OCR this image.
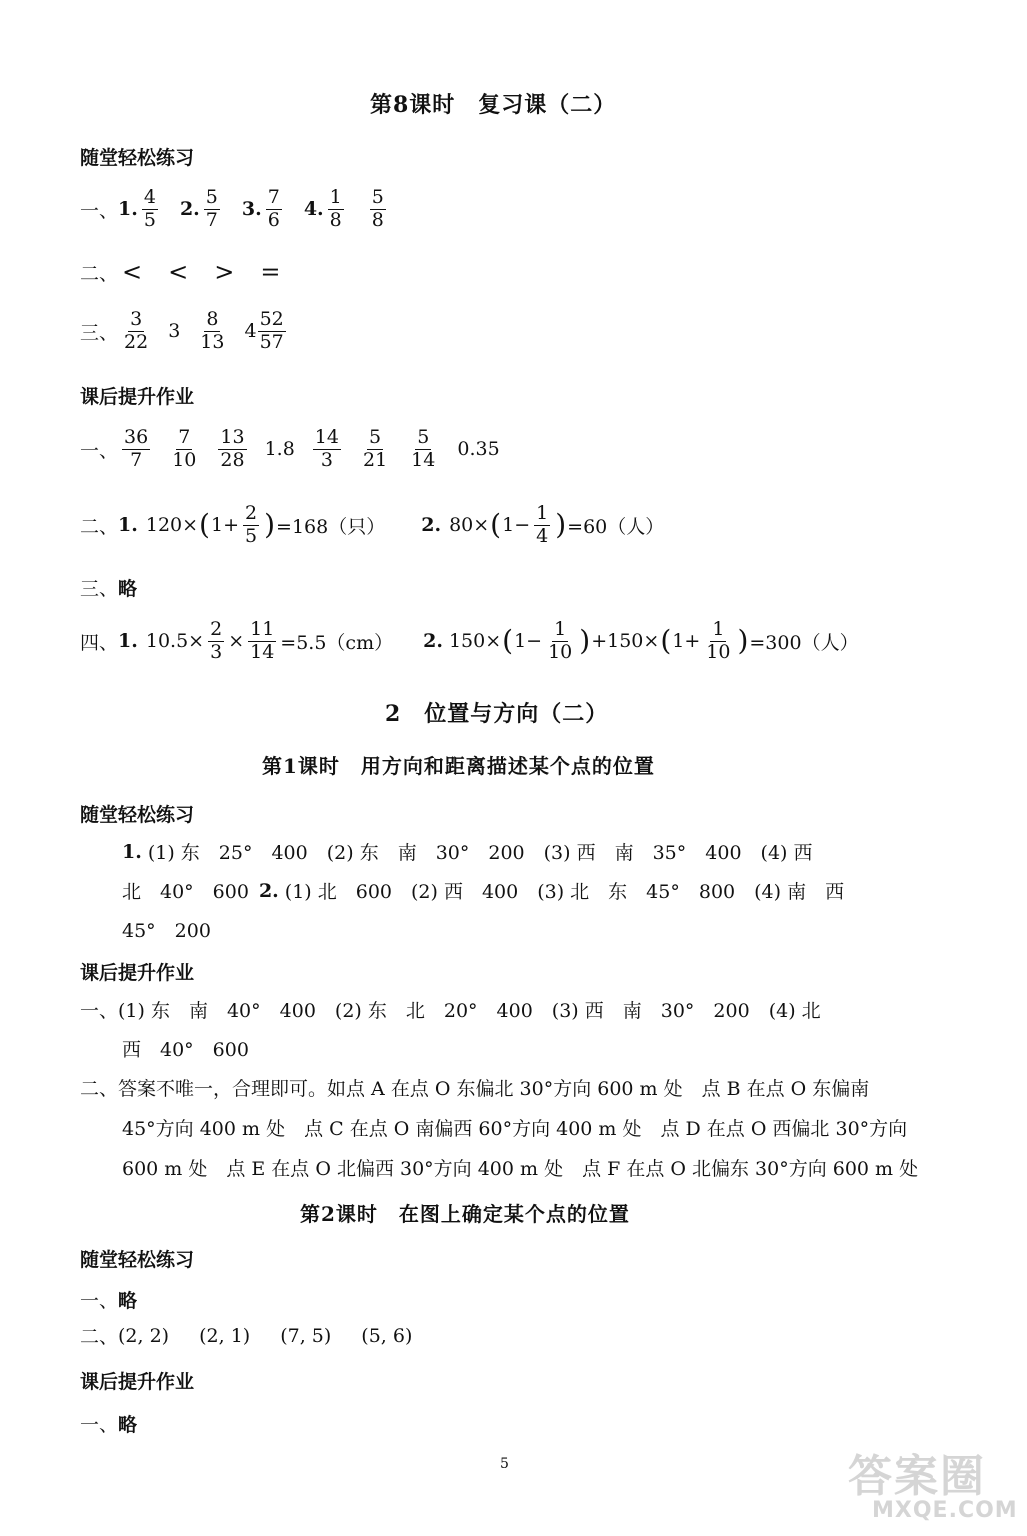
第8课时　复习课（二）
随堂轻松练习
一、 1. $\frac{4}{5} 2$. $\frac{5}{7} 3$. $\frac{7}{6} 4$. $\frac{1}{8} \frac{5}{8}$
二、 < < > =
三、 $\frac{3}{22} 3 \frac{8}{13} 4 \frac{52}{57}$
课后提升作业
一、 $\frac{36}{7} \frac{7}{10} \frac{13}{28} 1.8 \frac{14}{3} \frac{5}{21} \frac{5}{14} 0.35$
二、 1. 120× ( $1+ \frac{2}{5}$ ) =168（只） 2. 80× ( $1- \frac{1}{4}$ ) =60（人）
三、 略
四、 1. $10.5\times \frac{2}{3} \times \frac{11}{14} =5.5(cm)$ 2. 150× ( $1- \frac{1}{10}$ ) +150× ( $1+ \frac{1}{10}$ ) =300（人）
2　位置与方向（二）
第1课时　用方向和距离描述某个点的位置
随堂轻松练习
1. (1) 东　25°　400　(2) 东　南　30°　200　(3) 西　南　35°　400　(4) 西
北　40°　600 2. (1) 北　600　(2) 西　400　(3) 北　东　45°　800　(4) 南　西
45°　200
课后提升作业
一、 (1) 东　南　40°　400　(2) 东　北　20°　400　(3) 西　南　30°　200　(4) 北
西　40°　600
二、 答案不唯一，合理即可。如点 A 在点 O 东偏北 30°方向 600 m 处　点 B 在点 O 东偏南
45°方向 400 m 处　点 C 在点 O 南偏西 60°方向 400 m 处　点 D 在点 O 西偏北 30°方向
600 m 处　点 E 在点 O 北偏西 30°方向 400 m 处　点 F 在点 O 北偏东 30°方向 600 m 处
第2课时　在图上确定某个点的位置
随堂轻松练习
一、 略
二、 (2, 2) (2, 1) (7, 5) (5, 6)
课后提升作业
一、 略
5	答案圈
MXQE.COM
